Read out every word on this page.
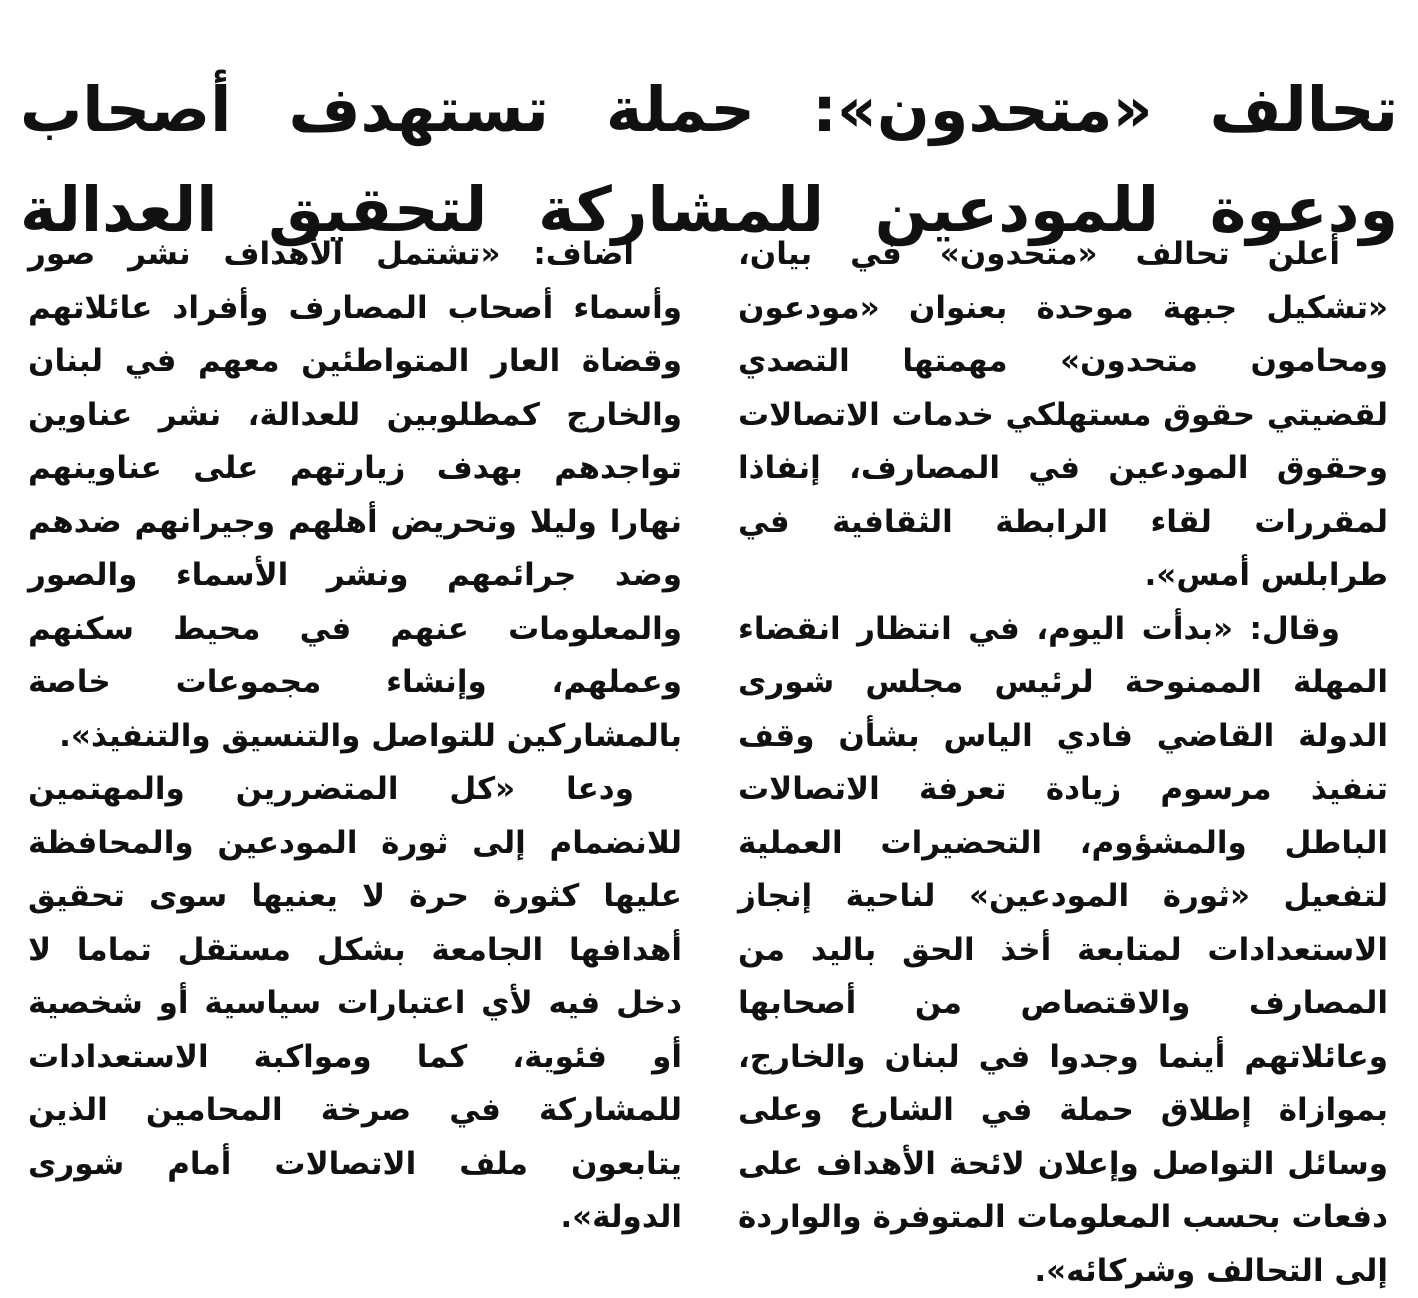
تحالف «متحدون»: حملة تستهدف أصحاب
ودعوة للمودعين للمشاركة لتحقيق العدالة

أعلن تحالف «متحدون» في بيان، «تشكيل جبهة موحدة بعنوان «مودعون ومحامون متحدون» مهمتها التصدي لقضيتي حقوق مستهلكي خدمات الاتصالات وحقوق المودعين في المصارف، إنفاذا لمقررات لقاء الرابطة الثقافية في طرابلس أمس».

وقال: «بدأت اليوم، في انتظار انقضاء المهلة الممنوحة لرئيس مجلس شورى الدولة القاضي فادي الياس بشأن وقف تنفيذ مرسوم زيادة تعرفة الاتصالات الباطل والمشؤوم، التحضيرات العملية لتفعيل «ثورة المودعين» لناحية إنجاز الاستعدادات لمتابعة أخذ الحق باليد من المصارف والاقتصاص من أصحابها وعائلاتهم أينما وجدوا في لبنان والخارج، بموازاة إطلاق حملة في الشارع وعلى وسائل التواصل وإعلان لائحة الأهداف على دفعات بحسب المعلومات المتوفرة والواردة إلى التحالف وشركائه».

أضاف: «تشتمل الأهداف نشر صور وأسماء أصحاب المصارف وأفراد عائلاتهم وقضاة العار المتواطئين معهم في لبنان والخارج كمطلوبين للعدالة، نشر عناوين تواجدهم بهدف زيارتهم على عناوينهم نهارا وليلا وتحريض أهلهم وجيرانهم ضدهم وضد جرائمهم ونشر الأسماء والصور والمعلومات عنهم في محيط سكنهم وعملهم، وإنشاء مجموعات خاصة بالمشاركين للتواصل والتنسيق والتنفيذ».

ودعا «كل المتضررين والمهتمين للانضمام إلى ثورة المودعين والمحافظة عليها كثورة حرة لا يعنيها سوى تحقيق أهدافها الجامعة بشكل مستقل تماما لا دخل فيه لأي اعتبارات سياسية أو شخصية أو فئوية، كما ومواكبة الاستعدادات للمشاركة في صرخة المحامين الذين يتابعون ملف الاتصالات أمام شورى الدولة».
